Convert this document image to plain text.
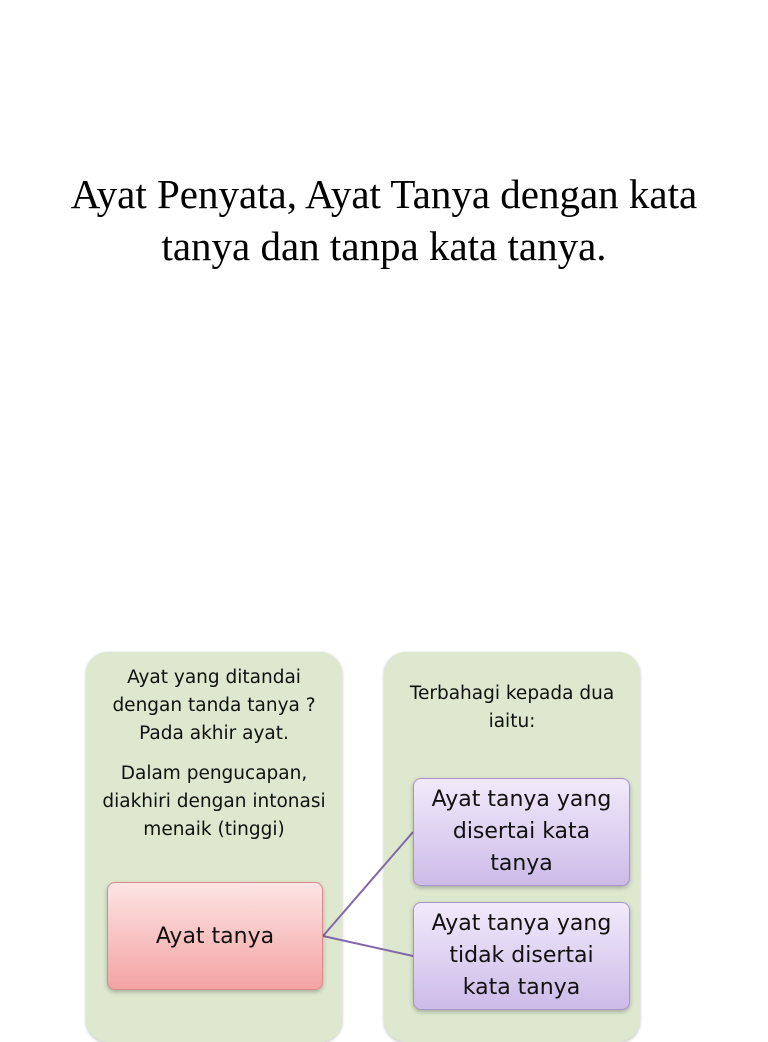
Ayat Penyata, Ayat Tanya dengan kata tanya dan tanpa kata tanya.

Ayat yang ditandai dengan tanda tanya ? Pada akhir ayat.

Dalam pengucapan, diakhiri dengan intonasi menaik (tinggi)

Terbahagi kepada dua iaitu:

Ayat tanya
Ayat tanya yang disertai kata tanya
Ayat tanya yang tidak disertai kata tanya
